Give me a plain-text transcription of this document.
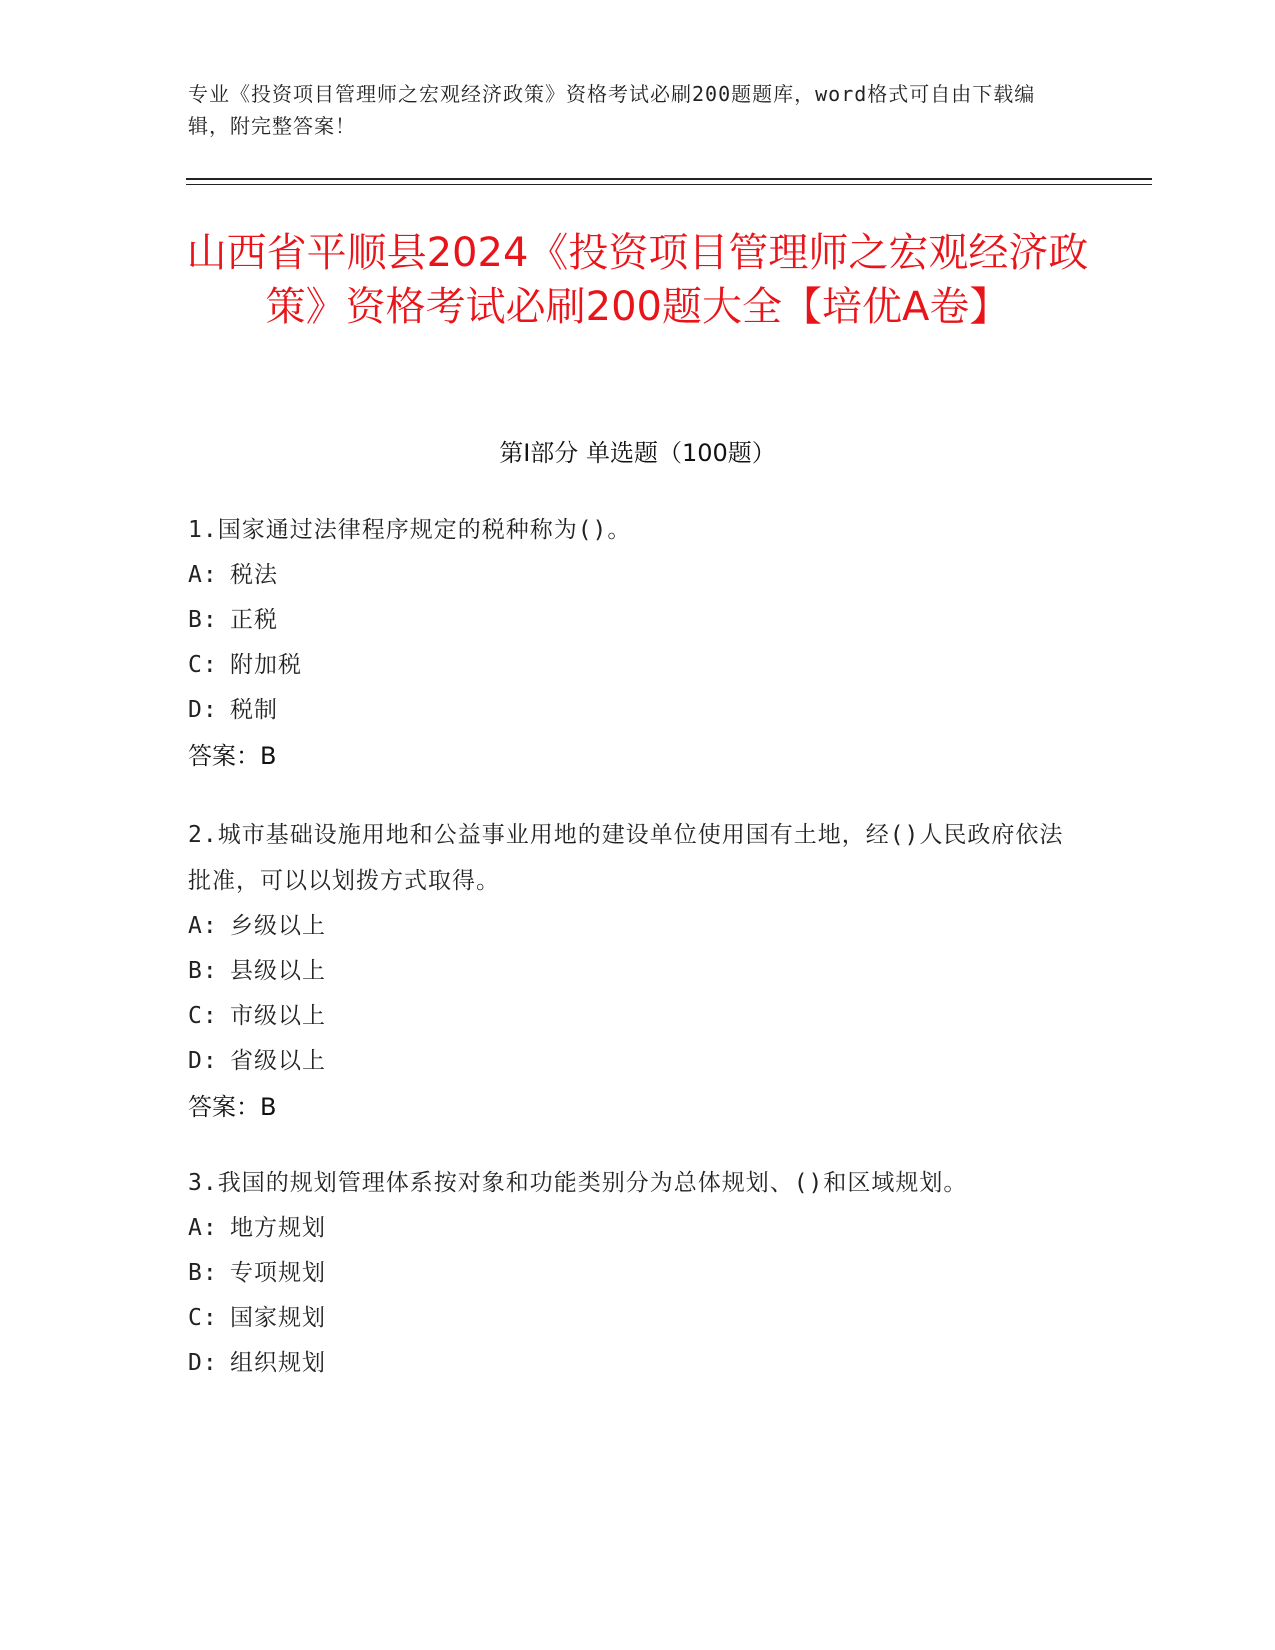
专业《投资项目管理师之宏观经济政策》资格考试必刷200题题库，word格式可自由下载编辑，附完整答案！
山西省平顺县2024《投资项目管理师之宏观经济政策》资格考试必刷200题大全【培优A卷】
第Ⅰ部分 单选题（100题）
1.国家通过法律程序规定的税种称为()。
A: 税法
B: 正税
C: 附加税
D: 税制
答案：B
2.城市基础设施用地和公益事业用地的建设单位使用国有土地，经()人民政府依法批准，可以以划拨方式取得。
A: 乡级以上
B: 县级以上
C: 市级以上
D: 省级以上
答案：B
3.我国的规划管理体系按对象和功能类别分为总体规划、()和区域规划。
A: 地方规划
B: 专项规划
C: 国家规划
D: 组织规划
